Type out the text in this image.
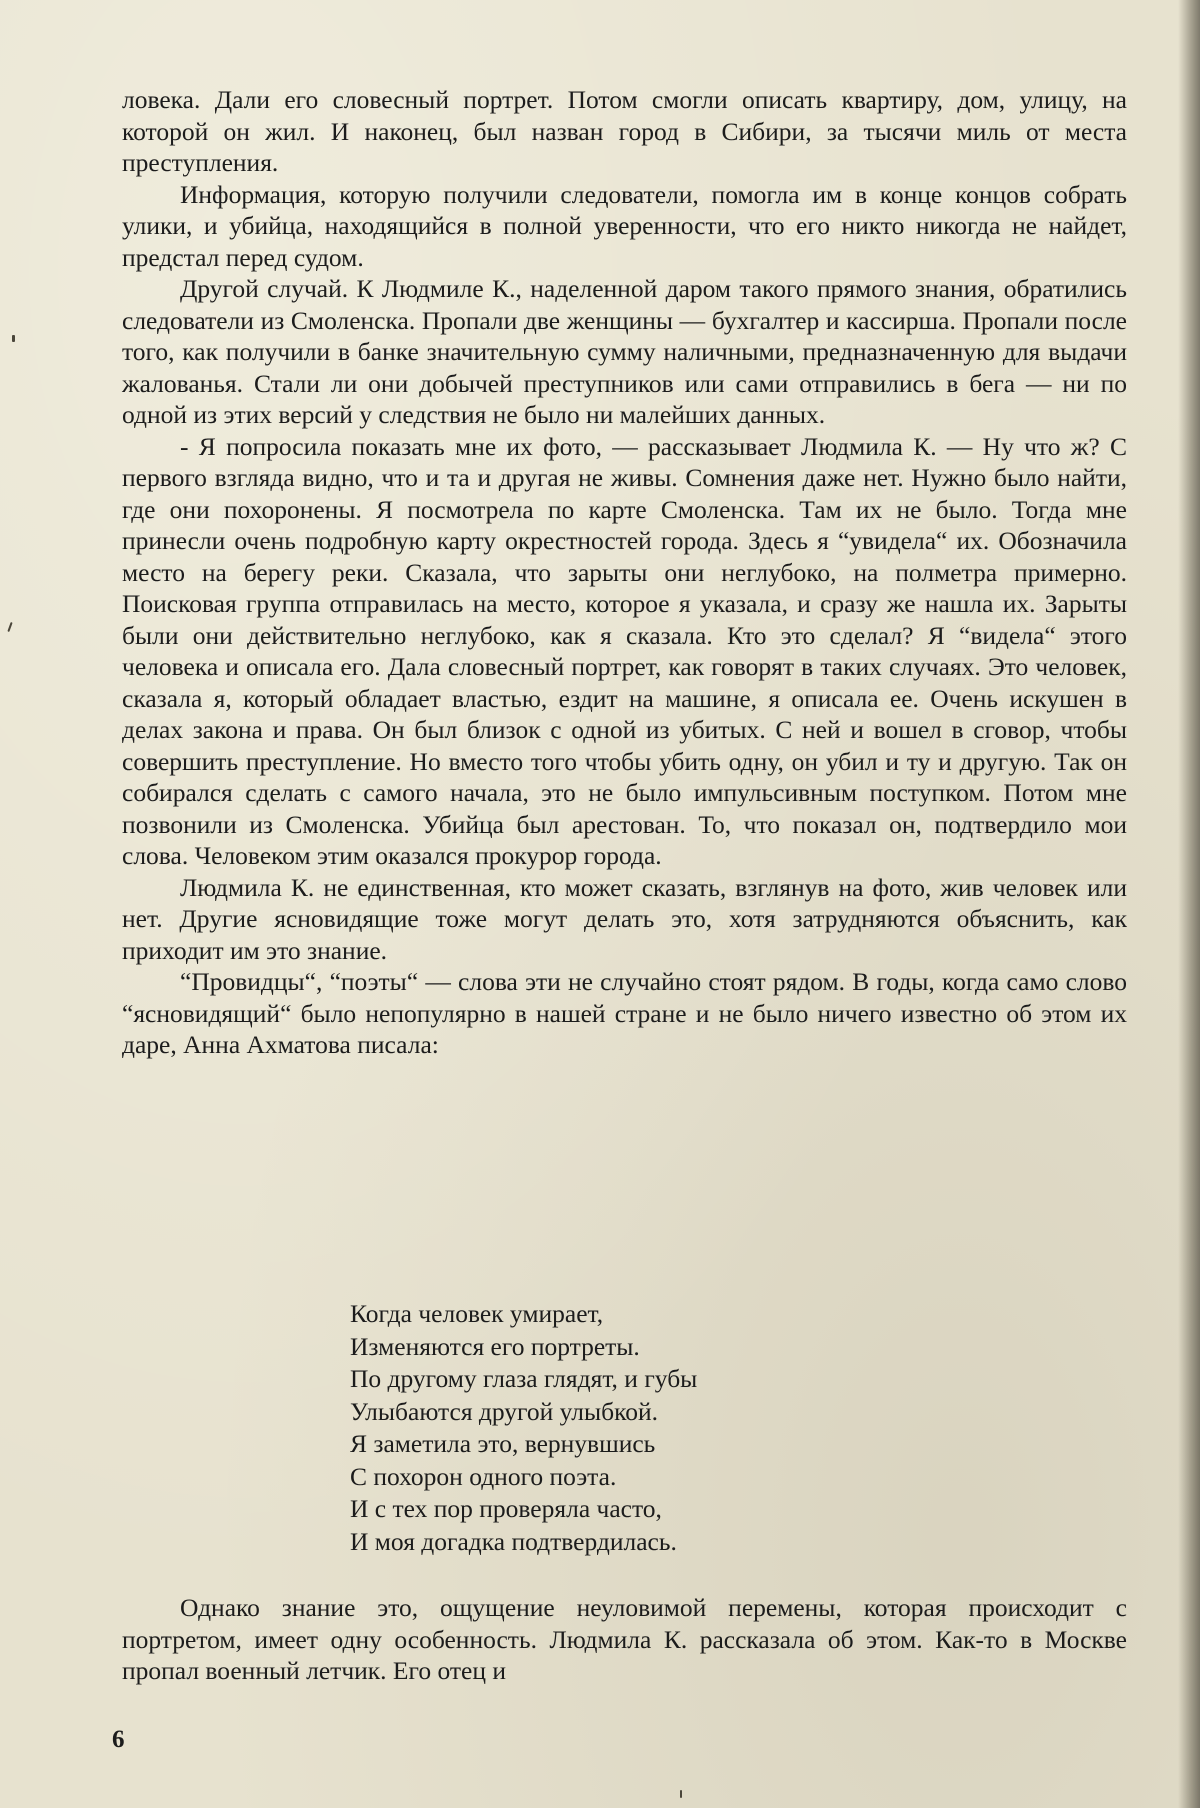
ловека. Дали его словесный портрет. Потом смогли описать квартиру, дом, улицу, на которой он жил. И наконец, был назван город в Сибири, за тысячи миль от места преступления.

Информация, которую получили следователи, помогла им в конце концов собрать улики, и убийца, находящийся в полной уверенности, что его никто никогда не найдет, предстал перед судом.

Другой случай. К Людмиле К., наделенной даром такого прямого знания, обратились следователи из Смоленска. Пропали две женщины — бухгалтер и кассирша. Пропали после того, как получили в банке значительную сумму наличными, предназначенную для выдачи жалованья. Стали ли они добычей преступников или сами отправились в бега — ни по одной из этих версий у следствия не было ни малейших данных.

- Я попросила показать мне их фото, — рассказывает Людмила К. — Ну что ж? С первого взгляда видно, что и та и другая не живы. Сомнения даже нет. Нужно было найти, где они похоронены. Я посмотрела по карте Смоленска. Там их не было. Тогда мне принесли очень подробную карту окрестностей города. Здесь я “увидела“ их. Обозначила место на берегу реки. Сказала, что зарыты они неглубоко, на полметра примерно. Поисковая группа отправилась на место, которое я указала, и сразу же нашла их. Зарыты были они действительно неглубоко, как я сказала. Кто это сделал? Я “видела“ этого человека и описала его. Дала словесный портрет, как говорят в таких случаях. Это человек, сказала я, который обладает властью, ездит на машине, я описала ее. Очень искушен в делах закона и права. Он был близок с одной из убитых. С ней и вошел в сговор, чтобы совершить преступление. Но вместо того чтобы убить одну, он убил и ту и другую. Так он собирался сделать с самого начала, это не было импульсивным поступком. Потом мне позвонили из Смоленска. Убийца был арестован. То, что показал он, подтвердило мои слова. Человеком этим оказался прокурор города.

Людмила К. не единственная, кто может сказать, взглянув на фото, жив человек или нет. Другие ясновидящие тоже могут делать это, хотя затрудняются объяснить, как приходит им это знание.

“Провидцы“, “поэты“ — слова эти не случайно стоят рядом. В годы, когда само слово “ясновидящий“ было непопулярно в нашей стране и не было ничего известно об этом их даре, Анна Ахматова писала:

Когда человек умирает,
Изменяются его портреты.
По другому глаза глядят, и губы
Улыбаются другой улыбкой.
Я заметила это, вернувшись
С похорон одного поэта.
И с тех пор проверяла часто,
И моя догадка подтвердилась.

Однако знание это, ощущение неуловимой перемены, которая происходит с портретом, имеет одну особенность. Людмила К. рассказала об этом. Как-то в Москве пропал военный летчик. Его отец и

6
